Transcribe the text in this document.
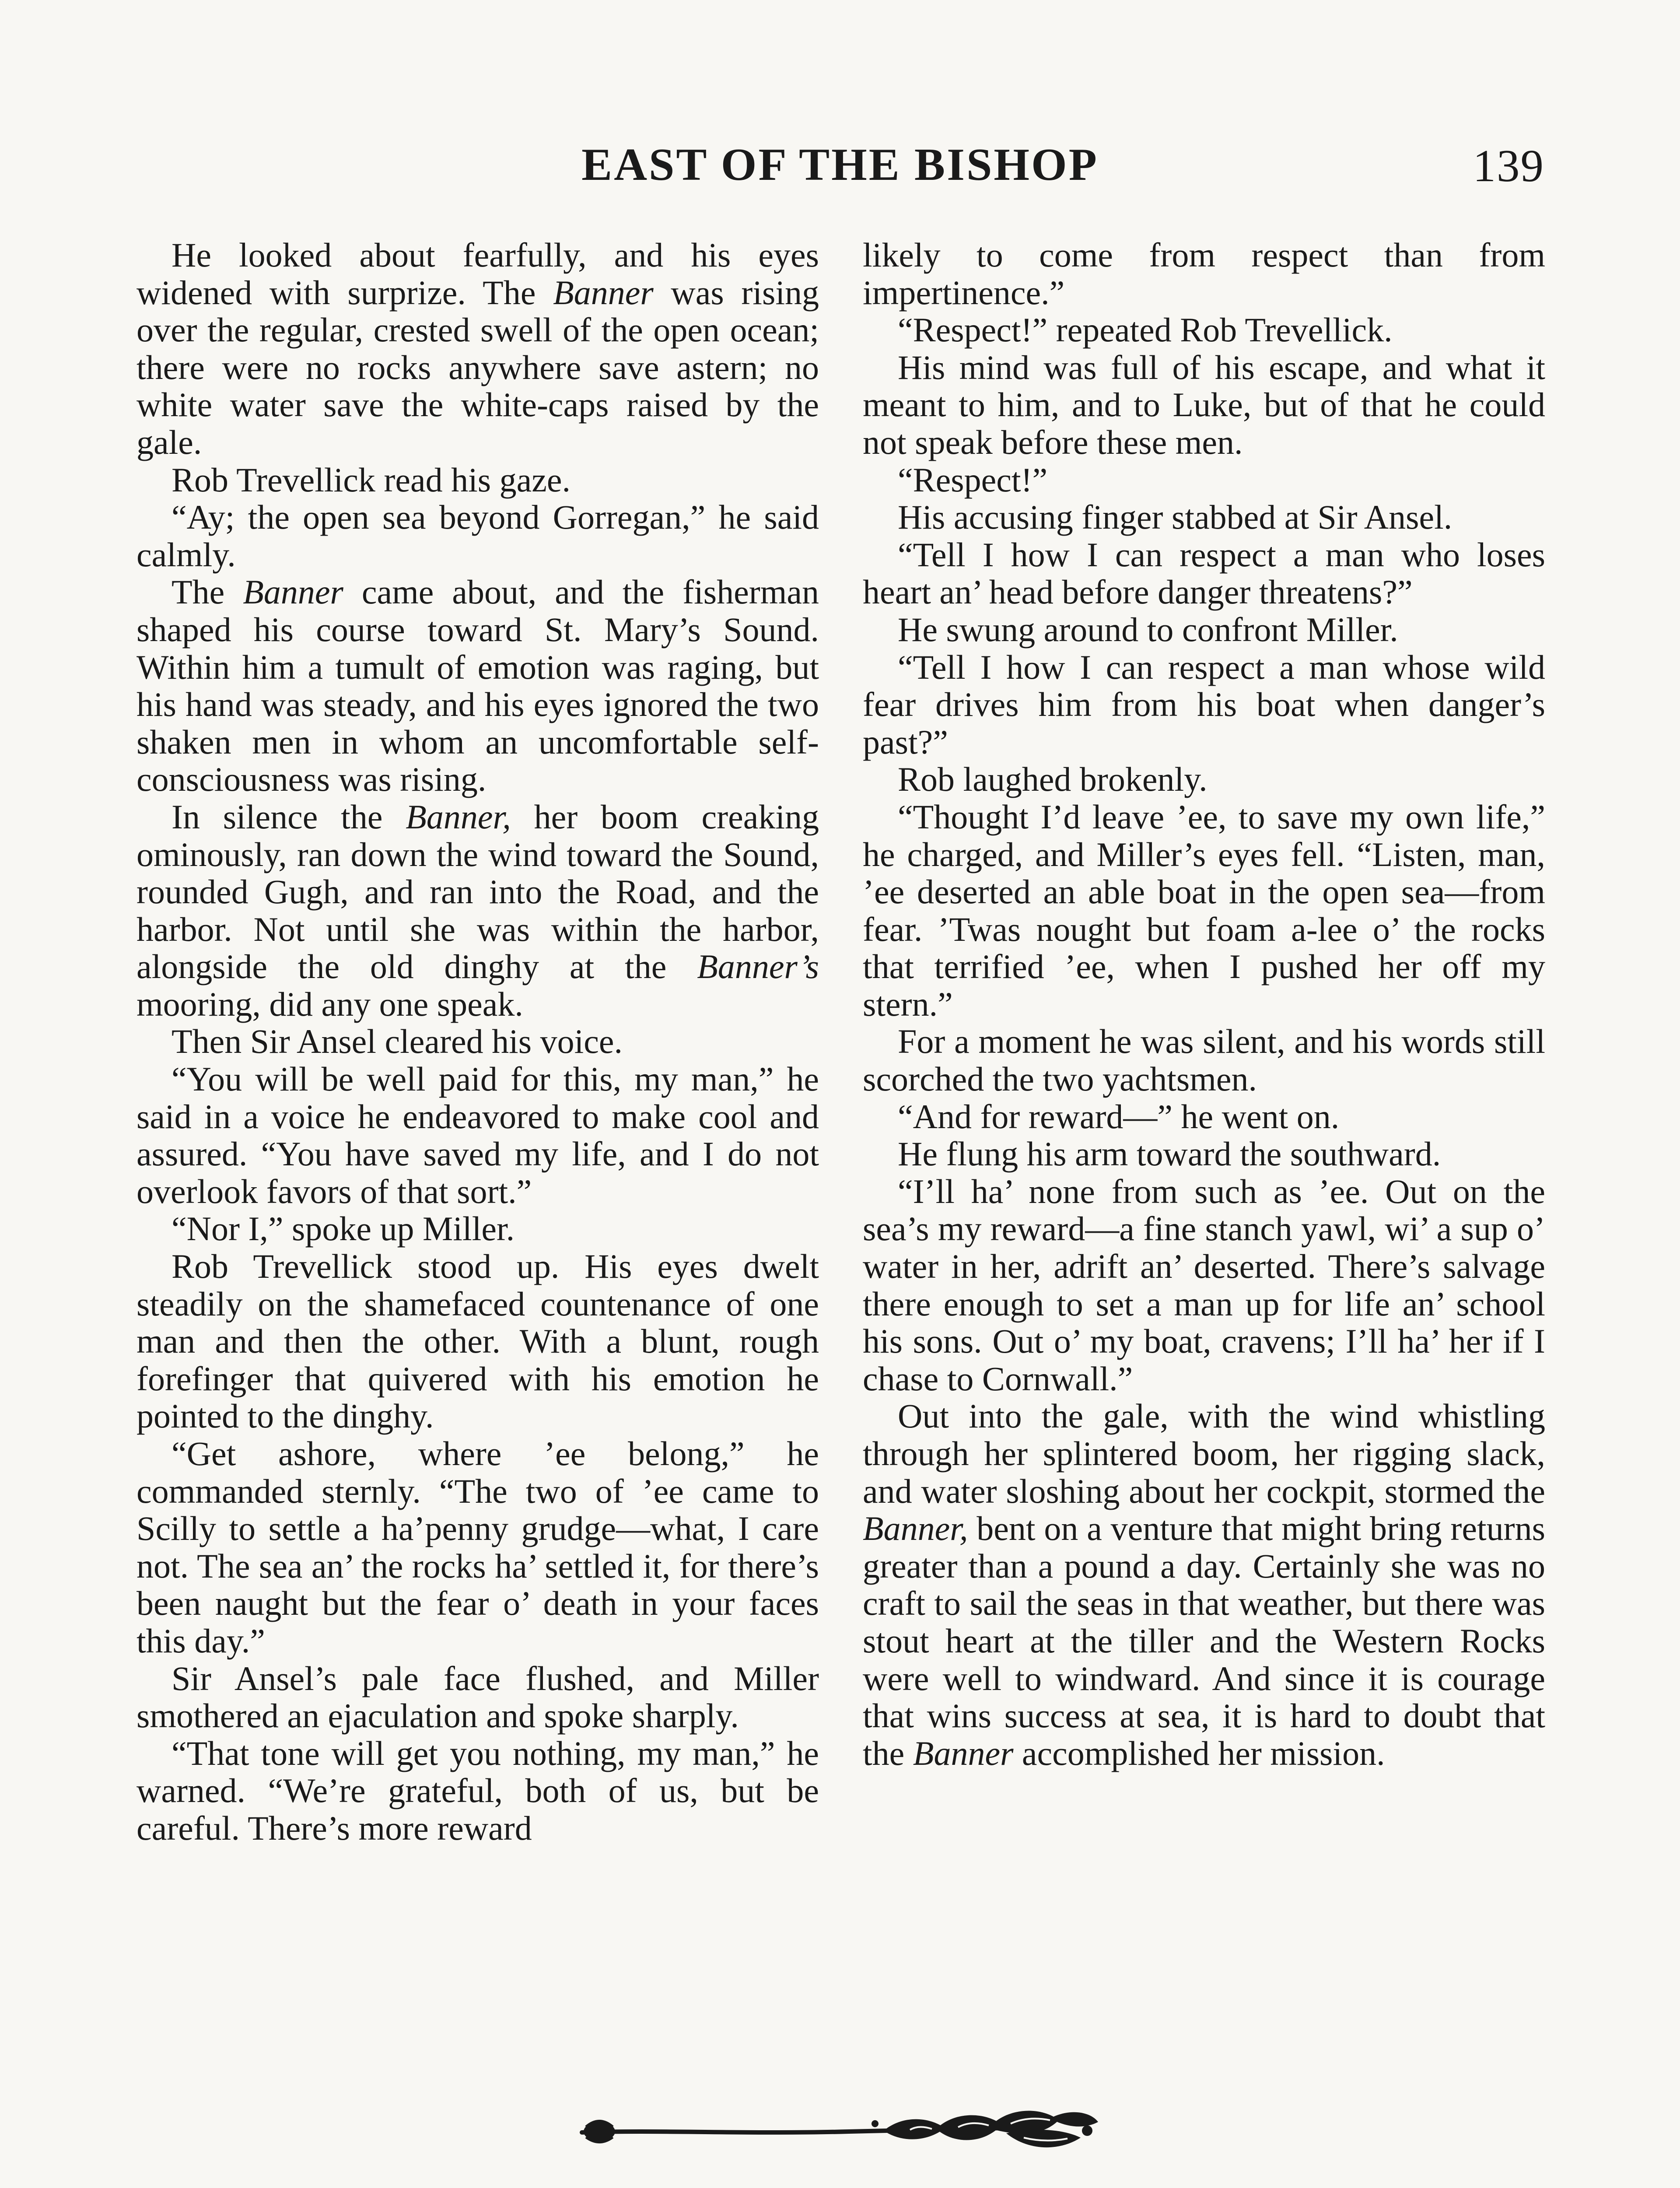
EAST OF THE BISHOP	139

He looked about fearfully, and his eyes widened with surprize. The Banner was rising over the regular, crested swell of the open ocean; there were no rocks anywhere save astern; no white water save the white-caps raised by the gale.

Rob Trevellick read his gaze.

“Ay; the open sea beyond Gorregan,” he said calmly.

The Banner came about, and the fisherman shaped his course toward St. Mary’s Sound. Within him a tumult of emotion was raging, but his hand was steady, and his eyes ignored the two shaken men in whom an uncomfortable self-consciousness was rising.

In silence the Banner, her boom creaking ominously, ran down the wind toward the Sound, rounded Gugh, and ran into the Road, and the harbor. Not until she was within the harbor, alongside the old dinghy at the Banner’s mooring, did any one speak.

Then Sir Ansel cleared his voice.

“You will be well paid for this, my man,” he said in a voice he endeavored to make cool and assured. “You have saved my life, and I do not overlook favors of that sort.”

“Nor I,” spoke up Miller.

Rob Trevellick stood up. His eyes dwelt steadily on the shamefaced countenance of one man and then the other. With a blunt, rough forefinger that quivered with his emotion he pointed to the dinghy.

“Get ashore, where ’ee belong,” he commanded sternly. “The two of ’ee came to Scilly to settle a ha’penny grudge—what, I care not. The sea an’ the rocks ha’ settled it, for there’s been naught but the fear o’ death in your faces this day.”

Sir Ansel’s pale face flushed, and Miller smothered an ejaculation and spoke sharply.

“That tone will get you nothing, my man,” he warned. “We’re grateful, both of us, but be careful. There’s more reward

likely to come from respect than from impertinence.”

“Respect!” repeated Rob Trevellick.

His mind was full of his escape, and what it meant to him, and to Luke, but of that he could not speak before these men.

“Respect!”

His accusing finger stabbed at Sir Ansel.

“Tell I how I can respect a man who loses heart an’ head before danger threatens?”

He swung around to confront Miller.

“Tell I how I can respect a man whose wild fear drives him from his boat when danger’s past?”

Rob laughed brokenly.

“Thought I’d leave ’ee, to save my own life,” he charged, and Miller’s eyes fell. “Listen, man, ’ee deserted an able boat in the open sea—from fear. ’Twas nought but foam a-lee o’ the rocks that terrified ’ee, when I pushed her off my stern.”

For a moment he was silent, and his words still scorched the two yachtsmen.

“And for reward—” he went on.

He flung his arm toward the southward.

“I’ll ha’ none from such as ’ee. Out on the sea’s my reward—a fine stanch yawl, wi’ a sup o’ water in her, adrift an’ deserted. There’s salvage there enough to set a man up for life an’ school his sons. Out o’ my boat, cravens; I’ll ha’ her if I chase to Cornwall.”

Out into the gale, with the wind whistling through her splintered boom, her rigging slack, and water sloshing about her cockpit, stormed the Banner, bent on a venture that might bring returns greater than a pound a day. Certainly she was no craft to sail the seas in that weather, but there was stout heart at the tiller and the Western Rocks were well to windward. And since it is courage that wins success at sea, it is hard to doubt that the Banner accomplished her mission.
